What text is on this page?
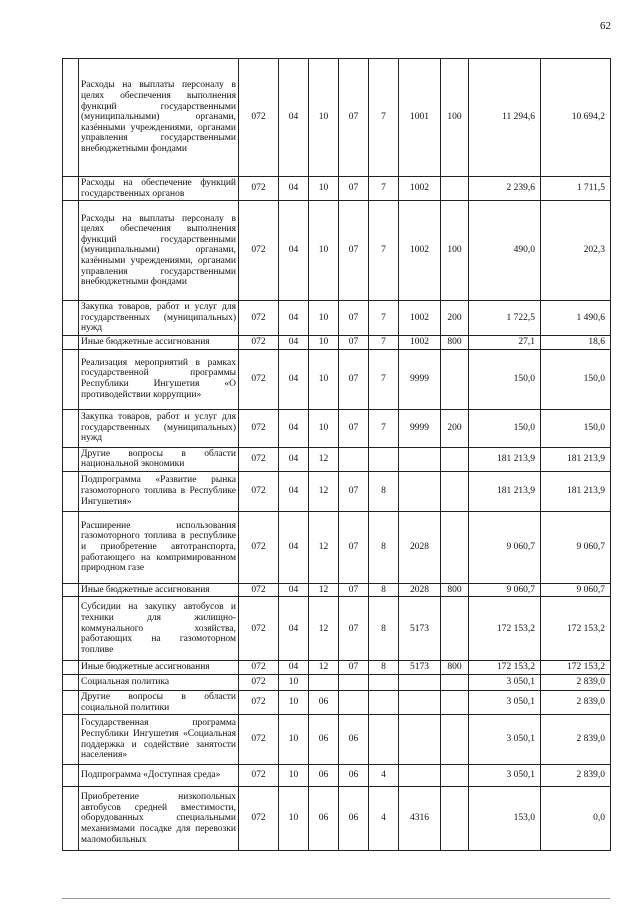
62
	Расходы на выплаты персоналу в целях обеспечения выполнения функций государственными (муниципальными) органами, казёнными учреждениями, органами управления государственными внебюджетными фондами	072	04	10	07	7	1001	100	11 294,6	10 694,2
	Расходы на обеспечение функций государственных органов	072	04	10	07	7	1002		2 239,6	1 711,5
	Расходы на выплаты персоналу в целях обеспечения выполнения функций государственными (муниципальными) органами, казёнными учреждениями, органами управления государственными внебюджетными фондами	072	04	10	07	7	1002	100	490,0	202,3
	Закупка товаров, работ и услуг для государственных (муниципальных) нужд	072	04	10	07	7	1002	200	1 722,5	1 490,6
	Иные бюджетные ассигнования	072	04	10	07	7	1002	800	27,1	18,6
	Реализация мероприятий в рамках государственной программы Республики Ингушетия «О противодействии коррупции»	072	04	10	07	7	9999		150,0	150,0
	Закупка товаров, работ и услуг для государственных (муниципальных) нужд	072	04	10	07	7	9999	200	150,0	150,0
	Другие вопросы в области национальной экономики	072	04	12					181 213,9	181 213,9
	Подпрограмма «Развитие рынка газомоторного топлива в Республике Ингушетия»	072	04	12	07	8			181 213,9	181 213,9
	Расширение использования газомоторного топлива в республике и приобретение автотранспорта, работающего на компримированном природном газе	072	04	12	07	8	2028		9 060,7	9 060,7
	Иные бюджетные ассигнования	072	04	12	07	8	2028	800	9 060,7	9 060,7
	Субсидии на закупку автобусов и техники для жилищно-коммунального хозяйства, работающих на газомоторном топливе	072	04	12	07	8	5173		172 153,2	172 153,2
	Иные бюджетные ассигнования	072	04	12	07	8	5173	800	172 153,2	172 153,2
	Социальная политика	072	10						3 050,1	2 839,0
	Другие вопросы в области социальной политики	072	10	06					3 050,1	2 839,0
	Государственная программа Республики Ингушетия «Социальная поддержка и содействие занятости населения»	072	10	06	06				3 050,1	2 839,0
	Подпрограмма «Доступная среда»	072	10	06	06	4			3 050,1	2 839,0
	Приобретение низкопольных автобусов средней вместимости, оборудованных специальными механизмами посадке для перевозки маломобильных	072	10	06	06	4	4316		153,0	0,0
